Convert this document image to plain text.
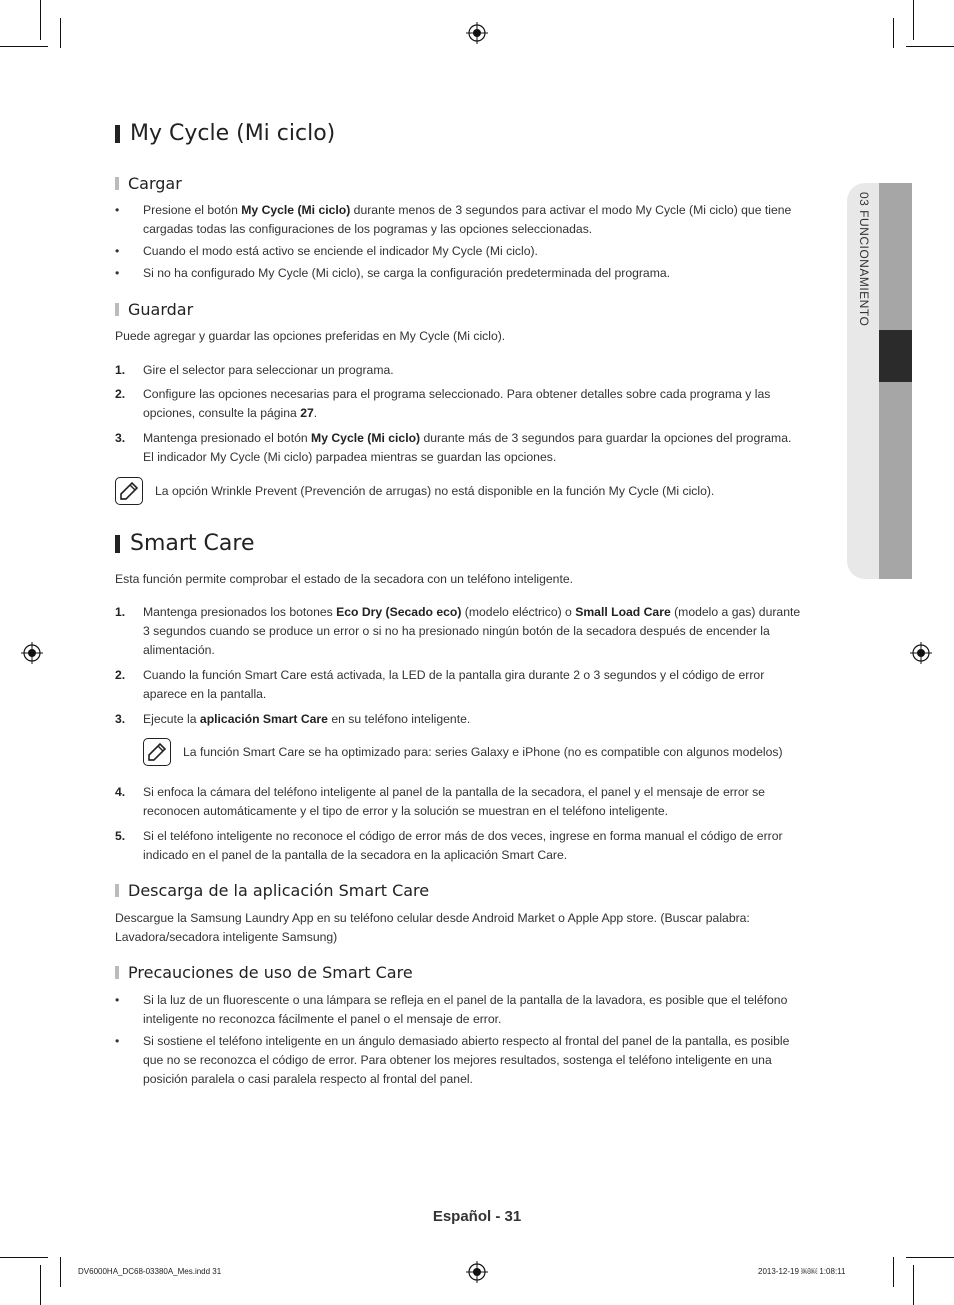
03 FUNCIONAMIENTO
My Cycle (Mi ciclo)
Cargar
•	Presione el botón My Cycle (Mi ciclo) durante menos de 3 segundos para activar el modo My Cycle (Mi ciclo) que tiene cargadas todas las configuraciones de los pogramas y las opciones seleccionadas.
•	Cuando el modo está activo se enciende el indicador My Cycle (Mi ciclo).
•	Si no ha configurado My Cycle (Mi ciclo), se carga la configuración predeterminada del programa.
Guardar
Puede agregar y guardar las opciones preferidas en My Cycle (Mi ciclo).
1.	Gire el selector para seleccionar un programa.
2.	Configure las opciones necesarias para el programa seleccionado. Para obtener detalles sobre cada programa y las opciones, consulte la página 27.
3.	Mantenga presionado el botón My Cycle (Mi ciclo) durante más de 3 segundos para guardar la opciones del programa. El indicador My Cycle (Mi ciclo) parpadea mientras se guardan las opciones.
La opción Wrinkle Prevent (Prevención de arrugas) no está disponible en la función My Cycle (Mi ciclo).
Smart Care
Esta función permite comprobar el estado de la secadora con un teléfono inteligente.
1.	Mantenga presionados los botones Eco Dry (Secado eco) (modelo eléctrico) o Small Load Care (modelo a gas) durante 3 segundos cuando se produce un error o si no ha presionado ningún botón de la secadora después de encender la alimentación.
2.	Cuando la función Smart Care está activada, la LED de la pantalla gira durante 2 o 3 segundos y el código de error aparece en la pantalla.
3.	Ejecute la aplicación Smart Care en su teléfono inteligente.
La función Smart Care se ha optimizado para: series Galaxy e iPhone (no es compatible con algunos modelos)
4.	Si enfoca la cámara del teléfono inteligente al panel de la pantalla de la secadora, el panel y el mensaje de error se reconocen automáticamente y el tipo de error y la solución se muestran en el teléfono inteligente.
5.	Si el teléfono inteligente no reconoce el código de error más de dos veces, ingrese en forma manual el código de error indicado en el panel de la pantalla de la secadora en la aplicación Smart Care.
Descarga de la aplicación Smart Care
Descargue la Samsung Laundry App en su teléfono celular desde Android Market o Apple App store. (Buscar palabra: Lavadora/secadora inteligente Samsung)
Precauciones de uso de Smart Care
•	Si la luz de un fluorescente o una lámpara se refleja en el panel de la pantalla de la lavadora, es posible que el teléfono inteligente no reconozca fácilmente el panel o el mensaje de error.
•	Si sostiene el teléfono inteligente en un ángulo demasiado abierto respecto al frontal del panel de la pantalla, es posible que no se reconozca el código de error. Para obtener los mejores resultados, sostenga el teléfono inteligente en una posición paralela o casi paralela respecto al frontal del panel.
Español - 31
DV6000HA_DC68-03380A_Mes.indd 31	2013-12-19 ￼￼ 1:08:11
